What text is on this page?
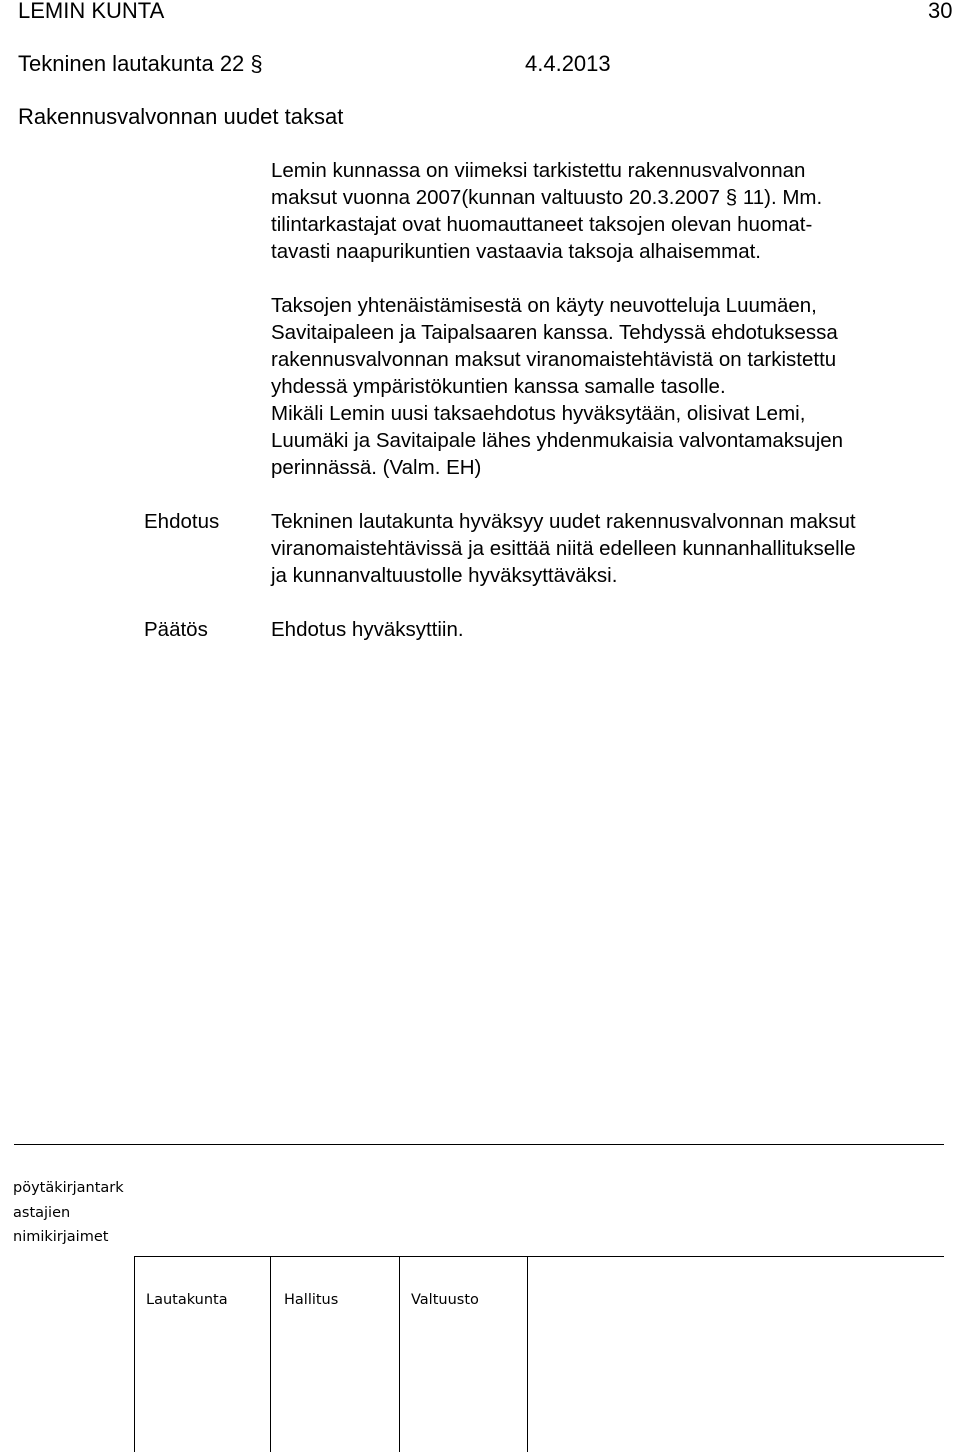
LEMIN KUNTA	30
Tekninen lautakunta 22 §	4.4.2013
Rakennusvalvonnan uudet taksat
Lemin kunnassa on viimeksi tarkistettu rakennusvalvonnan
maksut vuonna 2007(kunnan valtuusto 20.3.2007 § 11). Mm.
tilintarkastajat ovat huomauttaneet taksojen olevan huomat-
tavasti naapurikuntien vastaavia taksoja alhaisemmat.
Taksojen yhtenäistämisestä on käyty neuvotteluja Luumäen,
Savitaipaleen ja Taipalsaaren kanssa. Tehdyssä ehdotuksessa
rakennusvalvonnan maksut viranomaistehtävistä on tarkistettu
yhdessä ympäristökuntien kanssa samalle tasolle.
Mikäli Lemin uusi taksaehdotus hyväksytään, olisivat Lemi,
Luumäki ja Savitaipale lähes yhdenmukaisia valvontamaksujen
perinnässä. (Valm. EH)
Ehdotus	Tekninen lautakunta hyväksyy uudet rakennusvalvonnan maksut
viranomaistehtävissä ja esittää niitä edelleen kunnanhallitukselle
ja kunnanvaltuustolle hyväksyttäväksi.
Päätös	Ehdotus hyväksyttiin.
pöytäkirjantark
astajien
nimikirjaimet
Lautakunta	Hallitus	Valtuusto
